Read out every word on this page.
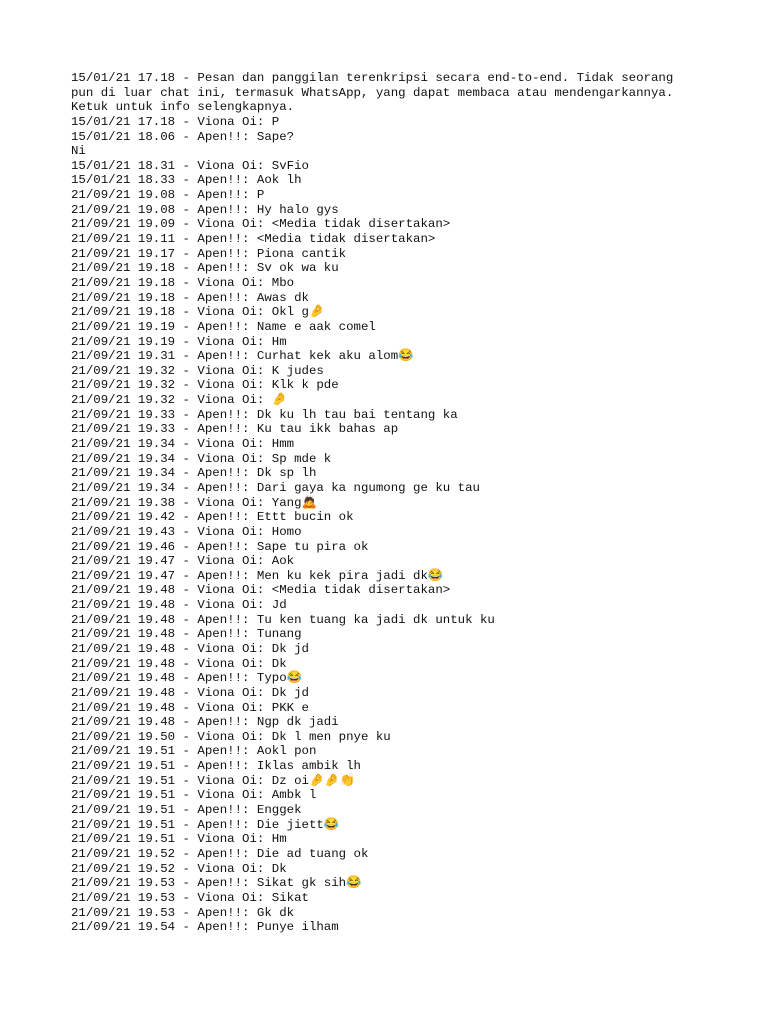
15/01/21 17.18 - Pesan dan panggilan terenkripsi secara end-to-end. Tidak seorang
pun di luar chat ini, termasuk WhatsApp, yang dapat membaca atau mendengarkannya.
Ketuk untuk info selengkapnya.
15/01/21 17.18 - Viona Oi: P
15/01/21 18.06 - Apen!!: Sape?
Ni
15/01/21 18.31 - Viona Oi: SvFio
15/01/21 18.33 - Apen!!: Aok lh
21/09/21 19.08 - Apen!!: P
21/09/21 19.08 - Apen!!: Hy halo gys
21/09/21 19.09 - Viona Oi: <Media tidak disertakan>
21/09/21 19.11 - Apen!!: <Media tidak disertakan>
21/09/21 19.17 - Apen!!: Piona cantik
21/09/21 19.18 - Apen!!: Sv ok wa ku
21/09/21 19.18 - Viona Oi: Mbo
21/09/21 19.18 - Apen!!: Awas dk
21/09/21 19.18 - Viona Oi: Okl g🤌
21/09/21 19.19 - Apen!!: Name e aak comel
21/09/21 19.19 - Viona Oi: Hm
21/09/21 19.31 - Apen!!: Curhat kek aku alom😂
21/09/21 19.32 - Viona Oi: K judes
21/09/21 19.32 - Viona Oi: Klk k pde
21/09/21 19.32 - Viona Oi: 🤌
21/09/21 19.33 - Apen!!: Dk ku lh tau bai tentang ka
21/09/21 19.33 - Apen!!: Ku tau ikk bahas ap
21/09/21 19.34 - Viona Oi: Hmm
21/09/21 19.34 - Viona Oi: Sp mde k
21/09/21 19.34 - Apen!!: Dk sp lh
21/09/21 19.34 - Apen!!: Dari gaya ka ngumong ge ku tau
21/09/21 19.38 - Viona Oi: Yang🙇
21/09/21 19.42 - Apen!!: Ettt bucin ok
21/09/21 19.43 - Viona Oi: Homo
21/09/21 19.46 - Apen!!: Sape tu pira ok
21/09/21 19.47 - Viona Oi: Aok
21/09/21 19.47 - Apen!!: Men ku kek pira jadi dk😂
21/09/21 19.48 - Viona Oi: <Media tidak disertakan>
21/09/21 19.48 - Viona Oi: Jd
21/09/21 19.48 - Apen!!: Tu ken tuang ka jadi dk untuk ku
21/09/21 19.48 - Apen!!: Tunang
21/09/21 19.48 - Viona Oi: Dk jd
21/09/21 19.48 - Viona Oi: Dk
21/09/21 19.48 - Apen!!: Typo😂
21/09/21 19.48 - Viona Oi: Dk jd
21/09/21 19.48 - Viona Oi: PKK e
21/09/21 19.48 - Apen!!: Ngp dk jadi
21/09/21 19.50 - Viona Oi: Dk l men pnye ku
21/09/21 19.51 - Apen!!: Aokl pon
21/09/21 19.51 - Apen!!: Iklas ambik lh
21/09/21 19.51 - Viona Oi: Dz oi🤌🤌👏
21/09/21 19.51 - Viona Oi: Ambk l
21/09/21 19.51 - Apen!!: Enggek
21/09/21 19.51 - Apen!!: Die jiett😂
21/09/21 19.51 - Viona Oi: Hm
21/09/21 19.52 - Apen!!: Die ad tuang ok
21/09/21 19.52 - Viona Oi: Dk
21/09/21 19.53 - Apen!!: Sikat gk sih😂
21/09/21 19.53 - Viona Oi: Sikat
21/09/21 19.53 - Apen!!: Gk dk
21/09/21 19.54 - Apen!!: Punye ilham
